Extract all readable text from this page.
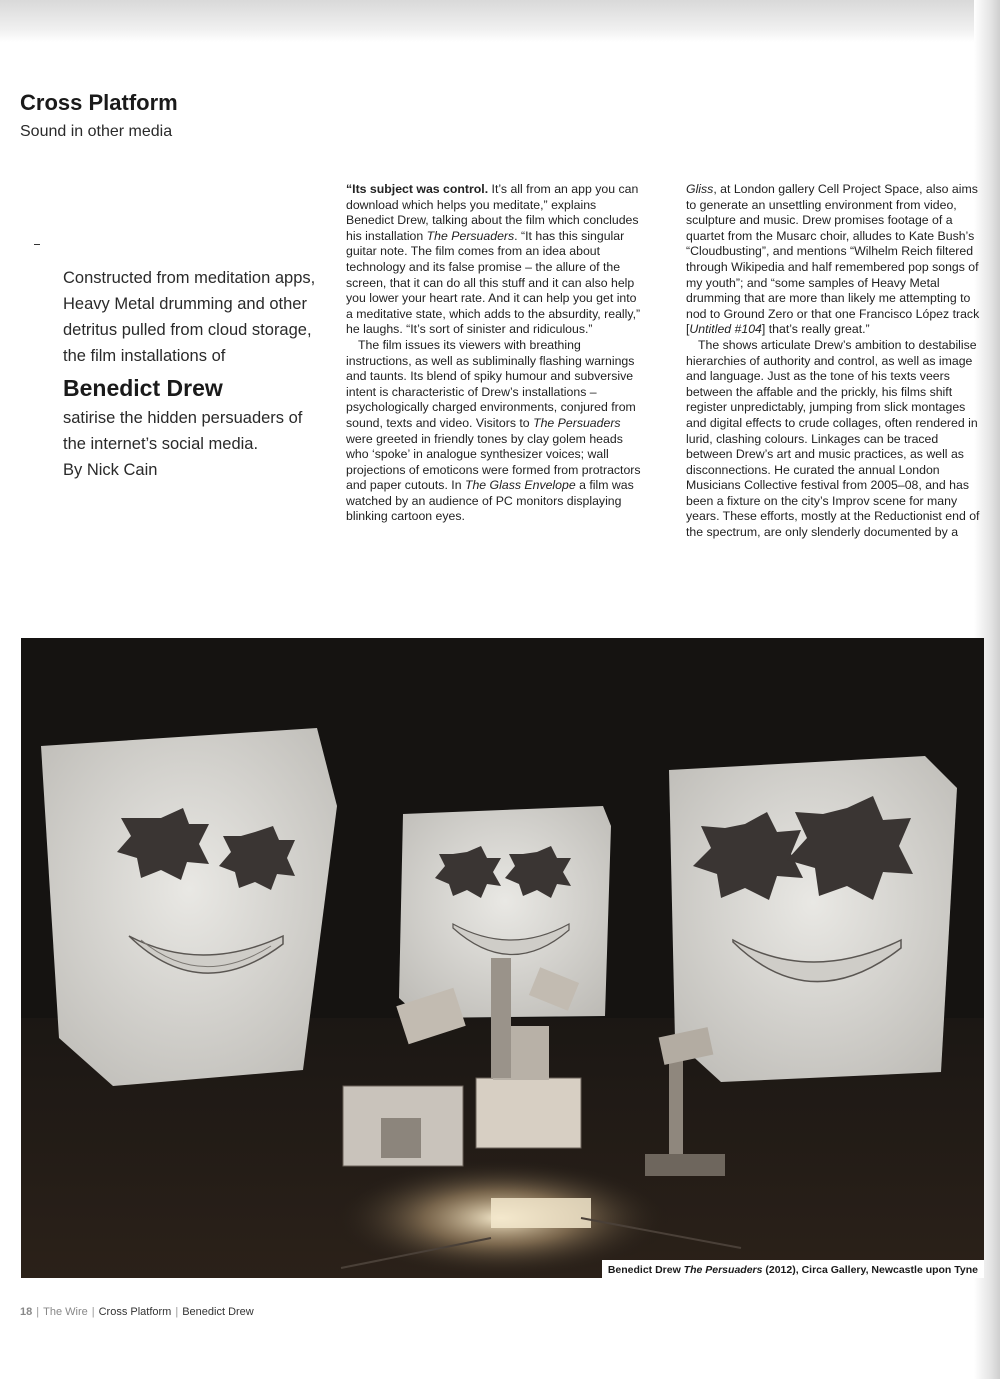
Cross Platform
Sound in other media
Constructed from meditation apps, Heavy Metal drumming and other detritus pulled from cloud storage, the film installations of
Benedict Drew
satirise the hidden persuaders of the internet’s social media.
By Nick Cain

“Its subject was control. It’s all from an app you can download which helps you meditate,” explains Benedict Drew, talking about the film which concludes his installation The Persuaders. “It has this singular guitar note. The film comes from an idea about technology and its false promise – the allure of the screen, that it can do all this stuff and it can also help you lower your heart rate. And it can help you get into a meditative state, which adds to the absurdity, really,” he laughs. “It’s sort of sinister and ridiculous.”

The film issues its viewers with breathing instructions, as well as subliminally flashing warnings and taunts. Its blend of spiky humour and subversive intent is characteristic of Drew’s installations – psychologically charged environments, conjured from sound, texts and video. Visitors to The Persuaders were greeted in friendly tones by clay golem heads who ‘spoke’ in analogue synthesizer voices; wall projections of emoticons were formed from protractors and paper cutouts. In The Glass Envelope a film was watched by an audience of PC monitors displaying blinking cartoon eyes.

Gliss, at London gallery Cell Project Space, also aims to generate an unsettling environment from video, sculpture and music. Drew promises footage of a quartet from the Musarc choir, alludes to Kate Bush’s “Cloudbusting”, and mentions “Wilhelm Reich filtered through Wikipedia and half remembered pop songs of my youth”; and “some samples of Heavy Metal drumming that are more than likely me attempting to nod to Ground Zero or that one Francisco López track [Untitled #104] that’s really great.”

The shows articulate Drew’s ambition to destabilise hierarchies of authority and control, as well as image and language. Just as the tone of his texts veers between the affable and the prickly, his films shift register unpredictably, jumping from slick montages and digital effects to crude collages, often rendered in lurid, clashing colours. Linkages can be traced between Drew’s art and music practices, as well as disconnections. He curated the annual London Musicians Collective festival from 2005–08, and has been a fixture on the city’s Improv scene for many years. These efforts, mostly at the Reductionist end of the spectrum, are only slenderly documented by a

Benedict Drew The Persuaders (2012), Circa Gallery, Newcastle upon Tyne
18 | The Wire | Cross Platform | Benedict Drew
